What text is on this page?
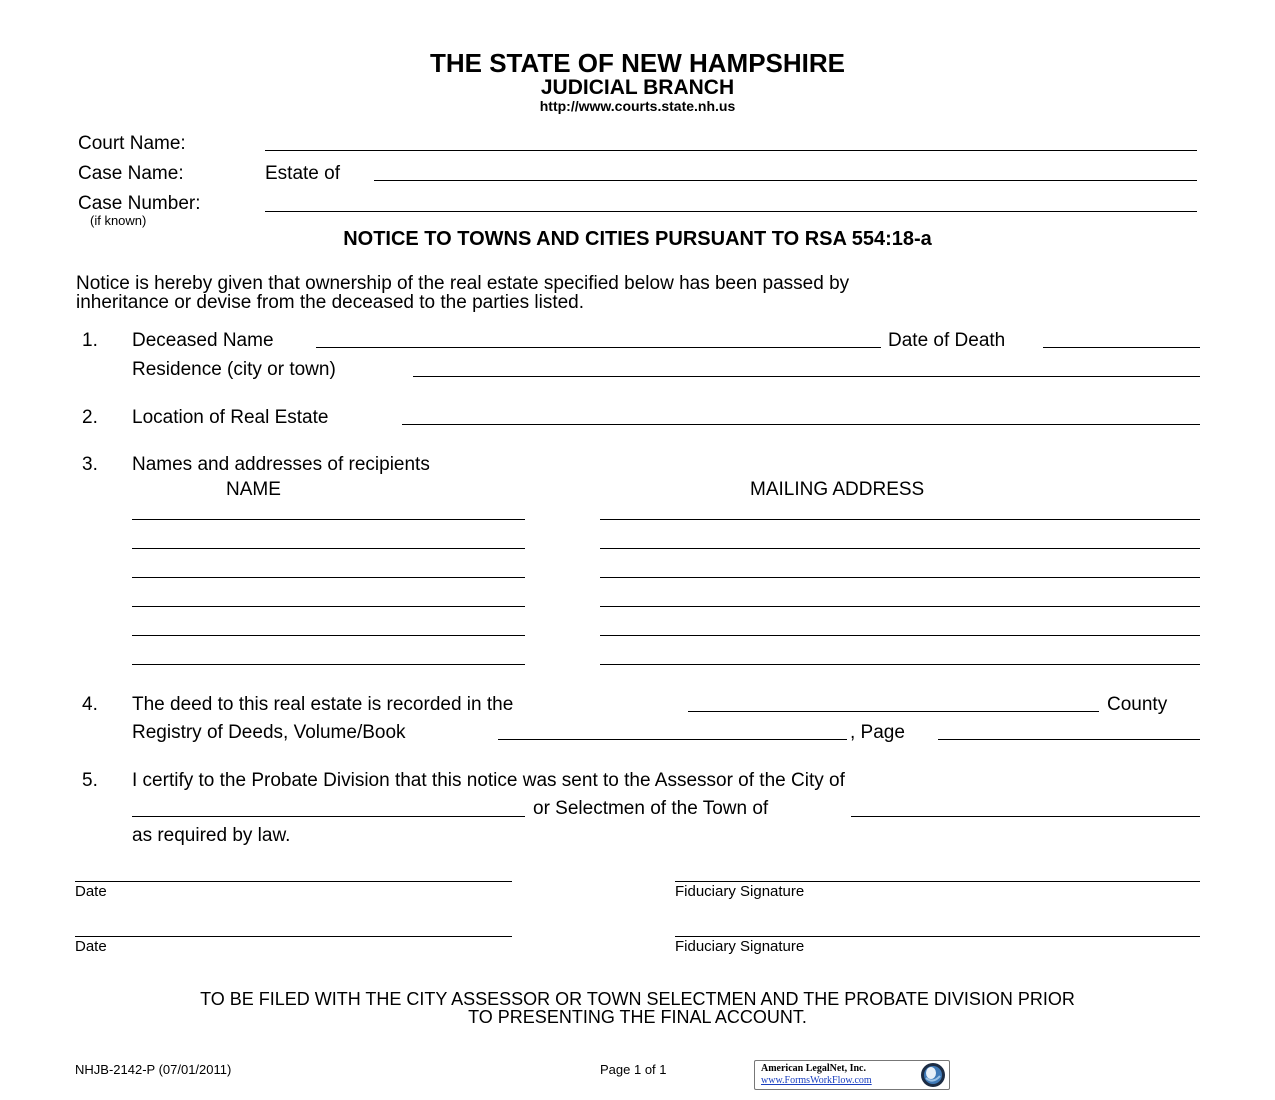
THE STATE OF NEW HAMPSHIRE
JUDICIAL BRANCH
http://www.courts.state.nh.us
Court Name:
Case Name:	Estate of
Case Number:
(if known)
NOTICE TO TOWNS AND CITIES PURSUANT TO RSA 554:18-a
Notice is hereby given that ownership of the real estate specified below has been passed by
inheritance or devise from the deceased to the parties listed.
1. Deceased Name	Date of Death
Residence (city or town)
2. Location of Real Estate
3. Names and addresses of recipients
NAME	MAILING ADDRESS
4. The deed to this real estate is recorded in the	County
Registry of Deeds, Volume/Book	, Page
5. I certify to the Probate Division that this notice was sent to the Assessor of the City of
or Selectmen of the Town of
as required by law.
Date	Fiduciary Signature
Date	Fiduciary Signature
TO BE FILED WITH THE CITY ASSESSOR OR TOWN SELECTMEN AND THE PROBATE DIVISION PRIOR
TO PRESENTING THE FINAL ACCOUNT.
NHJB-2142-P (07/01/2011)	Page 1 of 1	American LegalNet, Inc.
www.FormsWorkFlow.com
